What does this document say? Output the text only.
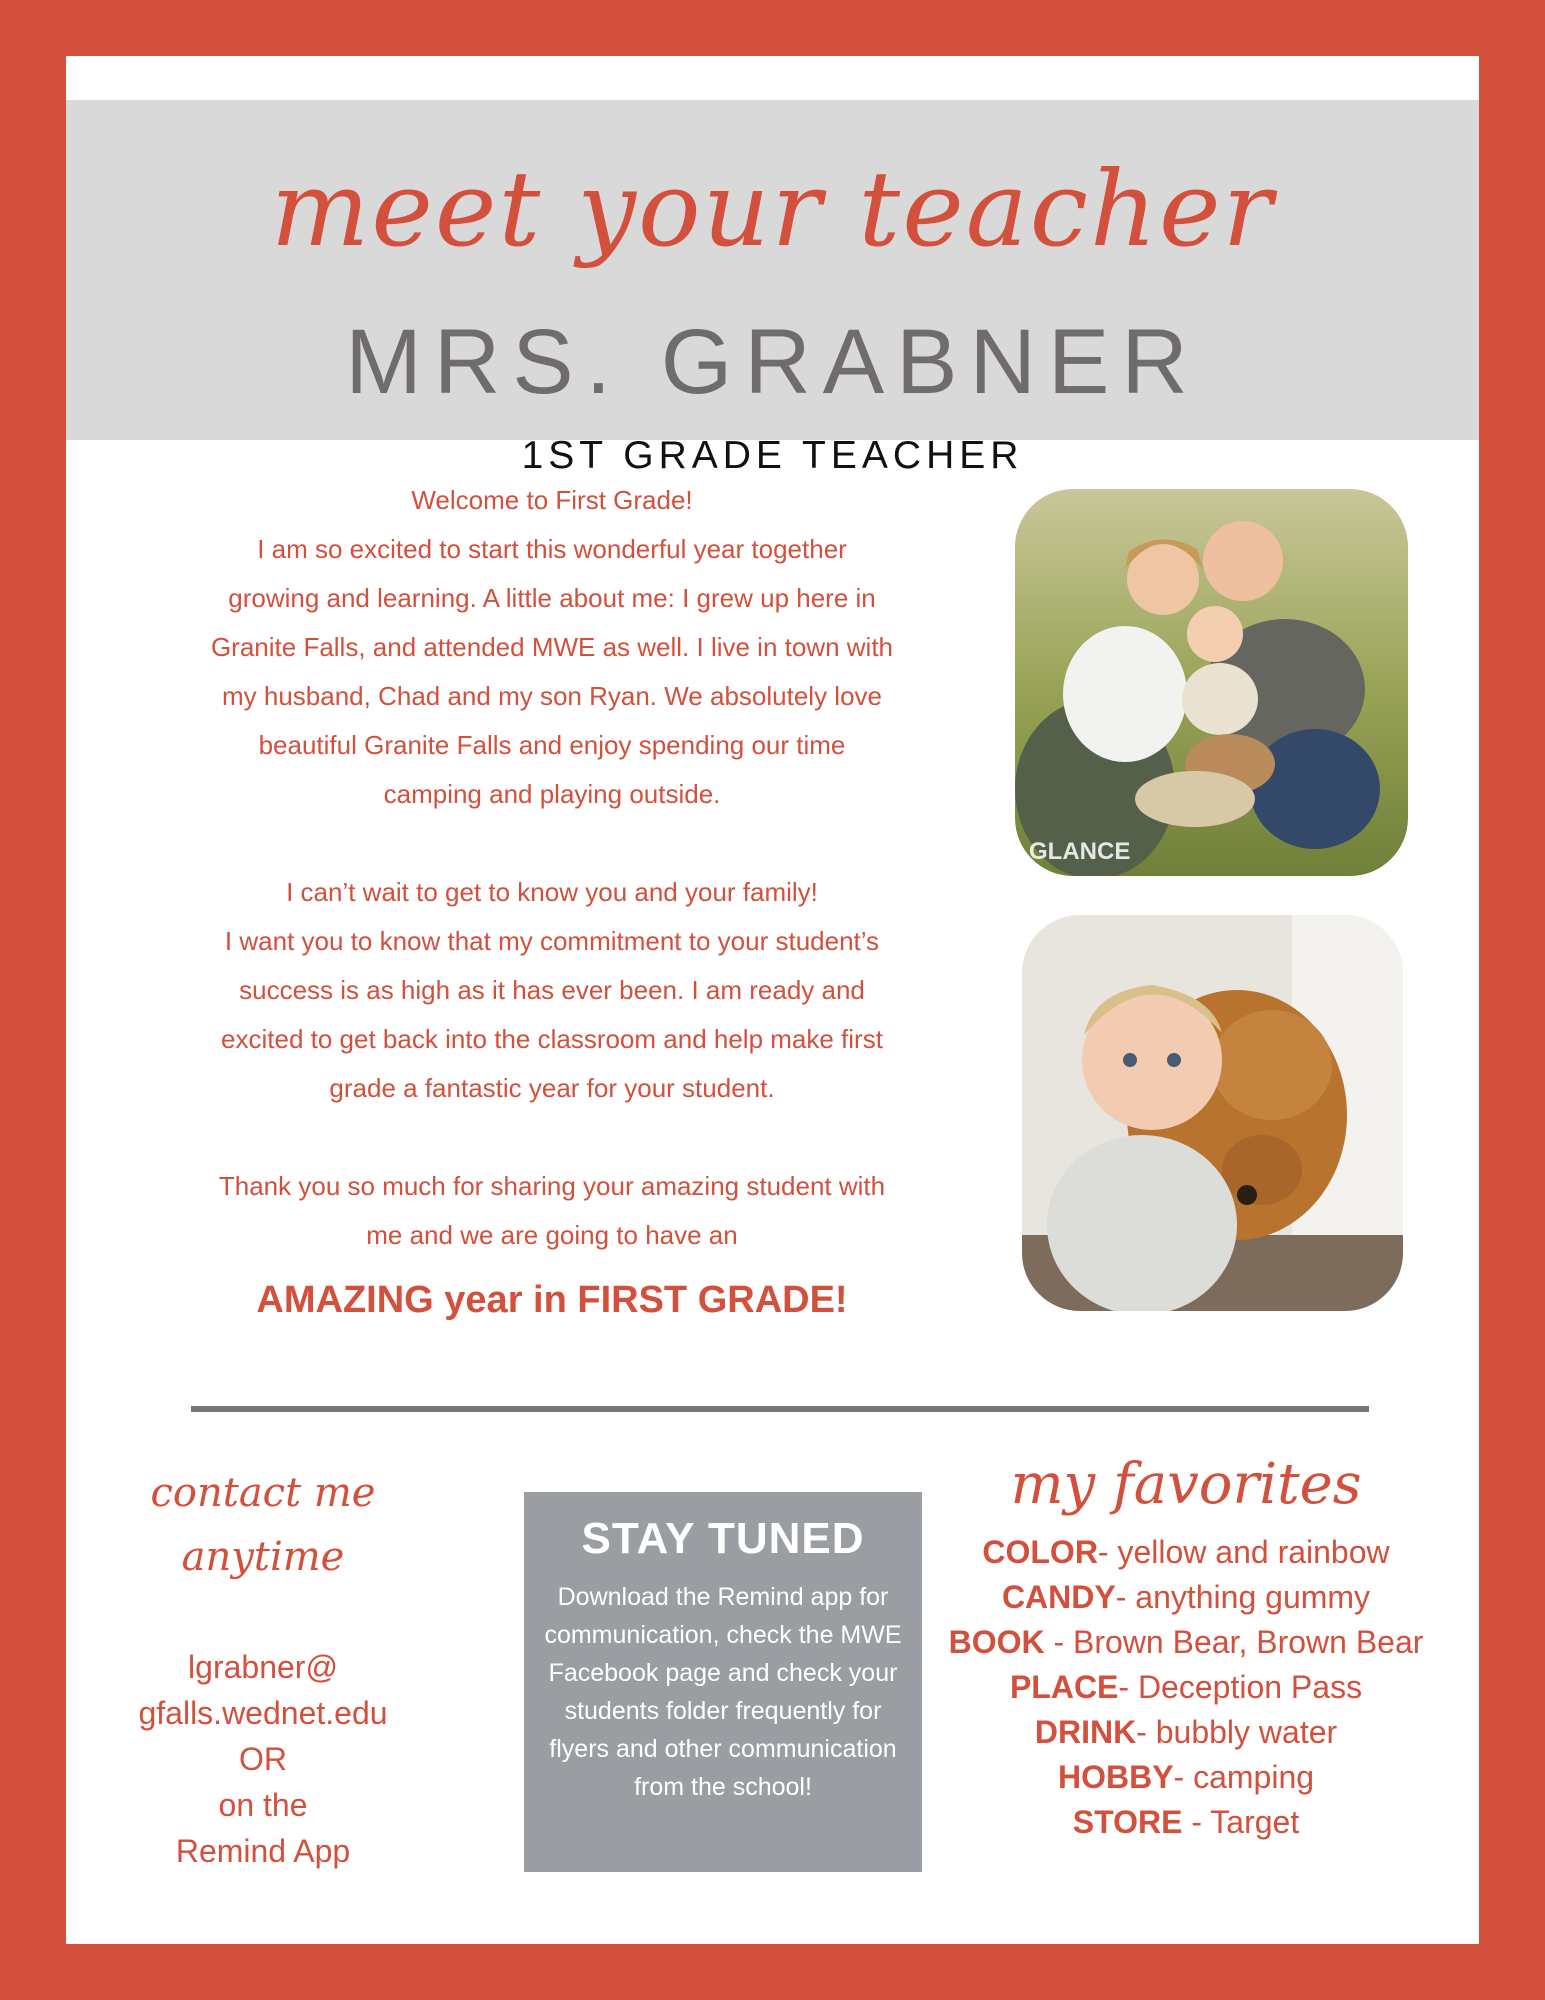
meet your teacher
MRS. GRABNER
1ST GRADE TEACHER

Welcome to First Grade!

I am so excited to start this wonderful year together

growing and learning. A little about me: I grew up here in

Granite Falls, and attended MWE as well. I live in town with

my husband, Chad and my son Ryan. We absolutely love

beautiful Granite Falls and enjoy spending our time

camping and playing outside.

I can’t wait to get to know you and your family!

I want you to know that my commitment to your student’s

success is as high as it has ever been. I am ready and

excited to get back into the classroom and help make first

grade a fantastic year for your student.

Thank you so much for sharing your amazing student with

me and we are going to have an

AMAZING year in FIRST GRADE!

GLANCE
contact me
anytime
lgrabner@
gfalls.wednet.edu
OR
on the
Remind App
STAY TUNED
Download the Remind app for communication, check the MWE Facebook page and check your students folder frequently for flyers and other communication from the school!
my favorites
COLOR- yellow and rainbow
CANDY- anything gummy
BOOK - Brown Bear, Brown Bear
PLACE- Deception Pass
DRINK- bubbly water
HOBBY- camping
STORE - Target
